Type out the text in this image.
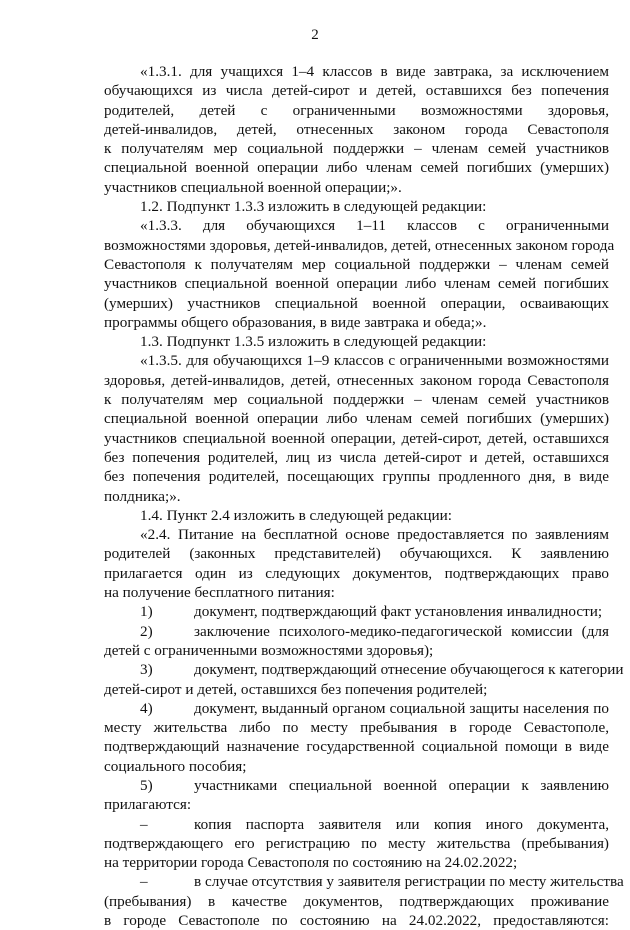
2
«1.3.1. для учащихся 1–4 классов в виде завтрака, за исключением
обучающихся из числа детей-сирот и детей, оставшихся без попечения
родителей, детей с ограниченными возможностями здоровья,
детей-инвалидов, детей, отнесенных законом города Севастополя
к получателям мер социальной поддержки – членам семей участников
специальной военной операции либо членам семей погибших (умерших)
участников специальной военной операции;».
1.2. Подпункт 1.3.3 изложить в следующей редакции:
«1.3.3. для обучающихся 1–11 классов с ограниченными
возможностями здоровья, детей-инвалидов, детей, отнесенных законом города
Севастополя к получателям мер социальной поддержки – членам семей
участников специальной военной операции либо членам семей погибших
(умерших) участников специальной военной операции, осваивающих
программы общего образования, в виде завтрака и обеда;».
1.3. Подпункт 1.3.5 изложить в следующей редакции:
«1.3.5. для обучающихся 1–9 классов с ограниченными возможностями
здоровья, детей-инвалидов, детей, отнесенных законом города Севастополя
к получателям мер социальной поддержки – членам семей участников
специальной военной операции либо членам семей погибших (умерших)
участников специальной военной операции, детей-сирот, детей, оставшихся
без попечения родителей, лиц из числа детей-сирот и детей, оставшихся
без попечения родителей, посещающих группы продленного дня, в виде
полдника;».
1.4. Пункт 2.4 изложить в следующей редакции:
«2.4. Питание на бесплатной основе предоставляется по заявлениям
родителей (законных представителей) обучающихся. К заявлению
прилагается один из следующих документов, подтверждающих право
на получение бесплатного питания:
1)	документ, подтверждающий факт установления инвалидности;
2)	заключение психолого-медико-педагогической комиссии (для
детей с ограниченными возможностями здоровья);
3)	документ, подтверждающий отнесение обучающегося к категории
детей-сирот и детей, оставшихся без попечения родителей;
4)	документ, выданный органом социальной защиты населения по
месту жительства либо по месту пребывания в городе Севастополе,
подтверждающий назначение государственной социальной помощи в виде
социального пособия;
5)	участниками специальной военной операции к заявлению
прилагаются:
–	копия паспорта заявителя или копия иного документа,
подтверждающего его регистрацию по месту жительства (пребывания)
на территории города Севастополя по состоянию на 24.02.2022;
–	в случае отсутствия у заявителя регистрации по месту жительства
(пребывания) в качестве документов, подтверждающих проживание
в городе Севастополе по состоянию на 24.02.2022, предоставляются:
